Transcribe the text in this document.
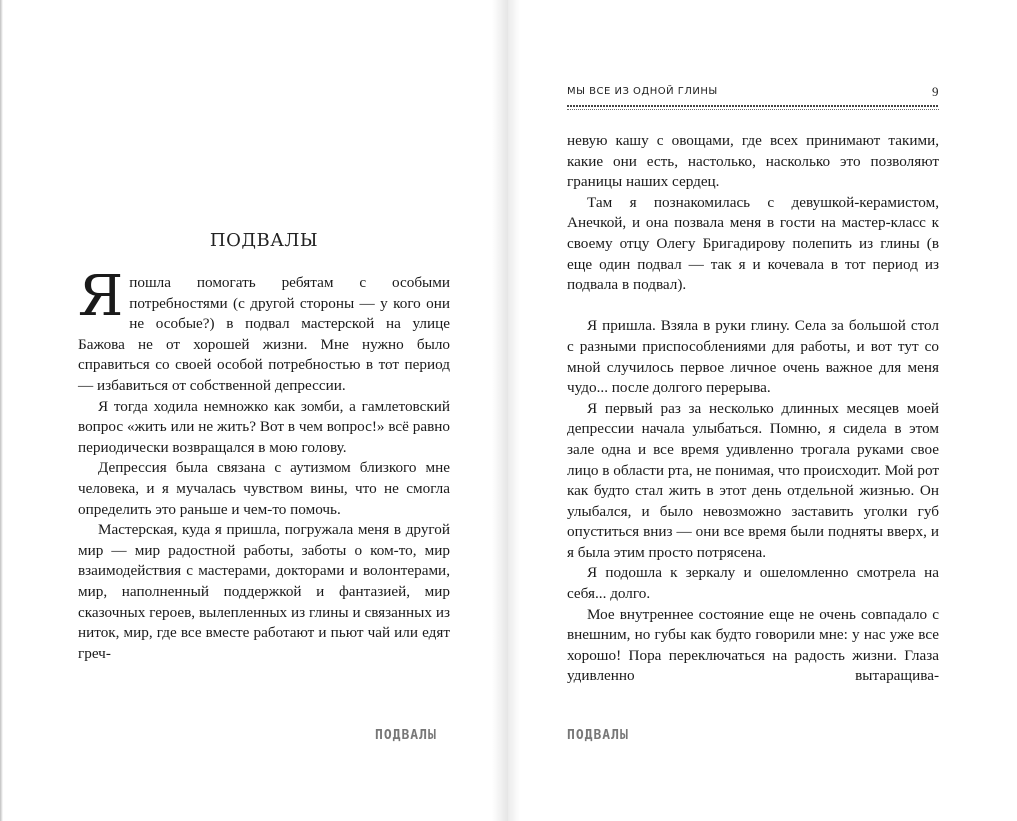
МЫ ВСЕ ИЗ ОДНОЙ ГЛИНЫ	9
ПОДВАЛЫ

Я пошла помогать ребятам с особыми потребностями (с другой стороны — у кого они не особые?) в подвал мастерской на улице Бажова не от хорошей жизни. Мне нужно было справиться со своей особой потребностью в тот период — избавиться от собственной депрессии.

Я тогда ходила немножко как зомби, а гамлетовский вопрос «жить или не жить? Вот в чем вопрос!» всё равно периодически возвращался в мою голову.

Депрессия была связана с аутизмом близкого мне человека, и я мучалась чувством вины, что не смогла определить это раньше и чем-то помочь.

Мастерская, куда я пришла, погружала меня в другой мир — мир радостной работы, заботы о ком-то, мир взаимодействия с мастерами, докторами и волонтерами, мир, наполненный поддержкой и фантазией, мир сказочных героев, вылепленных из глины и связанных из ниток, мир, где все вместе работают и пьют чай или едят греч-

ПОДВАЛЫ

невую кашу с овощами, где всех принимают такими, какие они есть, настолько, насколько это позволяют границы наших сердец.

Там я познакомилась с девушкой-керамистом, Анечкой, и она позвала меня в гости на мастер-класс к своему отцу Олегу Бригадирову полепить из глины (в еще один подвал — так я и кочевала в тот период из подвала в подвал).

Я пришла. Взяла в руки глину. Села за большой стол с разными приспособлениями для работы, и вот тут со мной случилось первое личное очень важное для меня чудо... после долгого перерыва.

Я первый раз за несколько длинных месяцев моей депрессии начала улыбаться. Помню, я сидела в этом зале одна и все время удивленно трогала руками свое лицо в области рта, не понимая, что происходит. Мой рот как будто стал жить в этот день отдельной жизнью. Он улыбался, и было невозможно заставить уголки губ опуститься вниз — они все время были подняты вверх, и я была этим просто потрясена.

Я подошла к зеркалу и ошеломленно смотрела на себя... долго.

Мое внутреннее состояние еще не очень совпадало с внешним, но губы как будто говорили мне: у нас уже все хорошо! Пора переключаться на радость жизни. Глаза удивленно вытаращива-

ПОДВАЛЫ
